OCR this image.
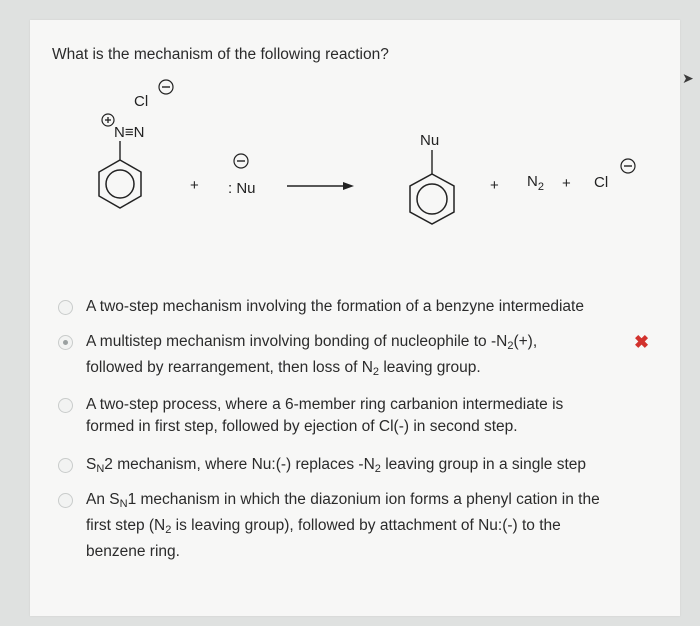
What is the mechanism of the following reaction?
Cl
N≡N
+ : Nu
Nu
+ $N_2 + Cl$
A two-step mechanism involving the formation of a benzyne intermediate
A multistep mechanism involving bonding of nucleophile to $-N_2(+)$,
followed by rearrangement, then loss of $N_2$ leaving group.
✖
A two-step process, where a 6-member ring carbanion intermediate is
formed in first step, followed by ejection of Cl(-) in second step.
$S_N2$ mechanism, where Nu:(-) replaces $-N_2$ leaving group in a single step
An $S_N1$ mechanism in which the diazonium ion forms a phenyl cation in the
first step ($N_2$ is leaving group), followed by attachment of Nu:(-) to the
benzene ring.
➤
